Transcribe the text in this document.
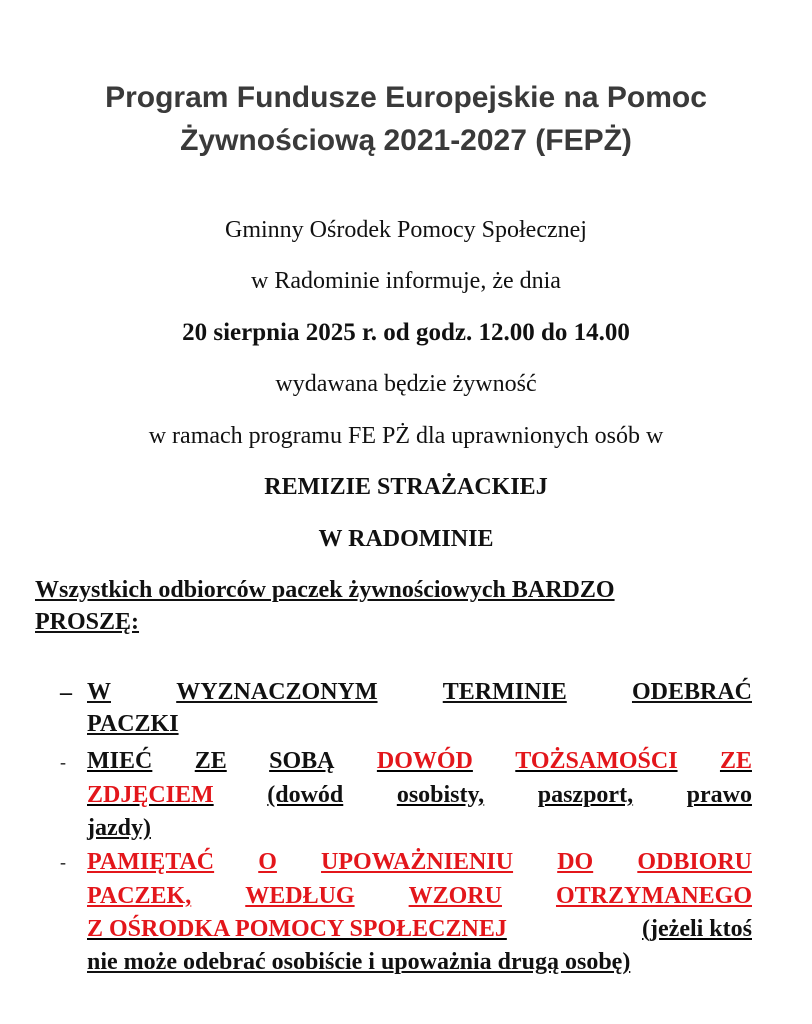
Program Fundusze Europejskie na Pomoc
Żywnościową 2021-2027 (FEPŻ)
Gminny Ośrodek Pomocy Społecznej
w Radominie informuje, że dnia
20 sierpnia 2025 r. od godz. 12.00 do 14.00
wydawana będzie żywność
w ramach programu FE PŻ dla uprawnionych osób w
REMIZIE STRAŻACKIEJ
W RADOMINIE
Wszystkich odbiorców paczek żywnościowych BARDZO
PROSZĘ:
–
-
-
W	WYZNACZONYM	TERMINIE	ODEBRAĆ
PACZKI
MIEĆ ZE SOBĄ DOWÓD TOŻSAMOŚCI ZE
ZDJĘCIEM (dowód osobisty, paszport, prawo
jazdy)
PAMIĘTAĆ O UPOWAŻNIENIU DO ODBIORU
PACZEK, WEDŁUG WZORU OTRZYMANEGO
Z OŚRODKA POMOCY SPOŁECZNEJ	(jeżeli ktoś
nie może odebrać osobiście i upoważnia drugą osobę)
